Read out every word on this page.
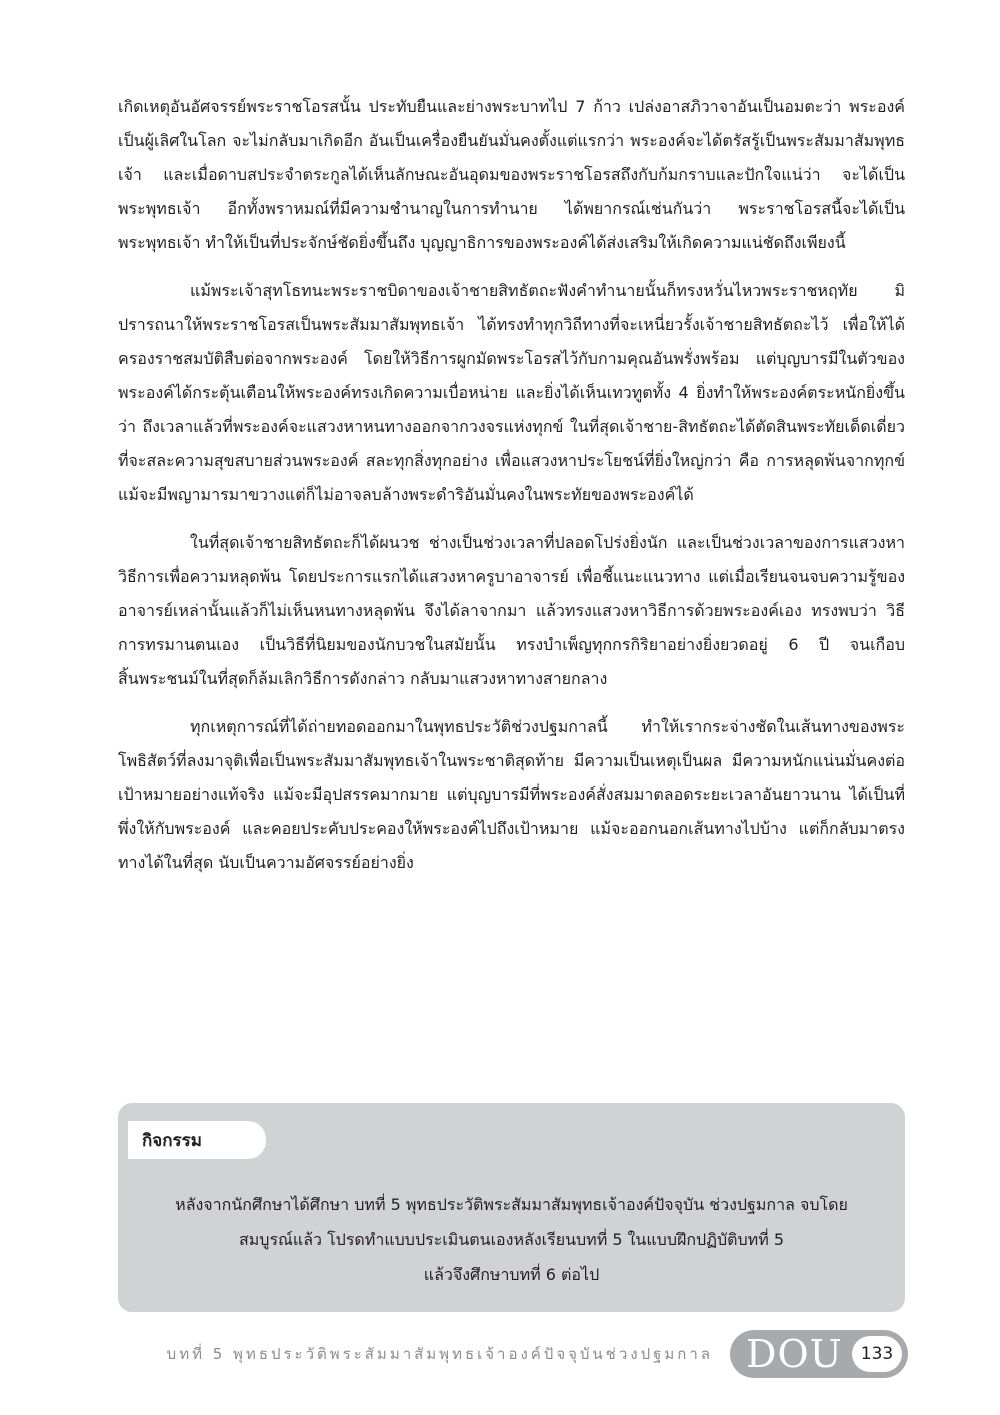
เกิดเหตุอันอัศจรรย์พระราชโอรสนั้น ประทับยืนและย่างพระบาทไป 7 ก้าว เปล่งอาสภิวาจาอันเป็นอมตะว่า พระองค์เป็นผู้เลิศในโลก จะไม่กลับมาเกิดอีก อันเป็นเครื่องยืนยันมั่นคงตั้งแต่แรกว่า พระองค์จะได้ตรัสรู้เป็นพระสัมมาสัมพุทธเจ้า และเมื่อดาบสประจำตระกูลได้เห็นลักษณะอันอุดมของพระราชโอรสถึงกับก้มกราบและปักใจแน่ว่า จะได้เป็นพระพุทธเจ้า อีกทั้งพราหมณ์ที่มีความชำนาญในการทำนาย ได้พยากรณ์เช่นกันว่า พระราชโอรสนี้จะได้เป็นพระพุทธเจ้า ทำให้เป็นที่ประจักษ์ชัดยิ่งขึ้นถึง บุญญาธิการของพระองค์ได้ส่งเสริมให้เกิดความแน่ชัดถึงเพียงนี้

แม้พระเจ้าสุทโธทนะพระราชบิดาของเจ้าชายสิทธัตถะฟังคำทำนายนั้นก็ทรงหวั่นไหวพระราชหฤทัย มิปรารถนาให้พระราชโอรสเป็นพระสัมมาสัมพุทธเจ้า ได้ทรงทำทุกวิถีทางที่จะเหนี่ยวรั้งเจ้าชายสิทธัตถะไว้ เพื่อให้ได้ครองราชสมบัติสืบต่อจากพระองค์ โดยให้วิธีการผูกมัดพระโอรสไว้กับกามคุณอันพรั่งพร้อม แต่บุญบารมีในตัวของพระองค์ได้กระตุ้นเตือนให้พระองค์ทรงเกิดความเบื่อหน่าย และยิ่งได้เห็นเทวทูตทั้ง 4 ยิ่งทำให้พระองค์ตระหนักยิ่งขึ้นว่า ถึงเวลาแล้วที่พระองค์จะแสวงหาหนทางออกจากวงจรแห่งทุกข์ ในที่สุดเจ้าชาย-สิทธัตถะได้ตัดสินพระทัยเด็ดเดี่ยว ที่จะสละความสุขสบายส่วนพระองค์ สละทุกสิ่งทุกอย่าง เพื่อแสวงหาประโยชน์ที่ยิ่งใหญ่กว่า คือ การหลุดพ้นจากทุกข์ แม้จะมีพญามารมาขวางแต่ก็ไม่อาจลบล้างพระดำริอันมั่นคงในพระทัยของพระองค์ได้

ในที่สุดเจ้าชายสิทธัตถะก็ได้ผนวช ช่างเป็นช่วงเวลาที่ปลอดโปร่งยิ่งนัก และเป็นช่วงเวลาของการแสวงหาวิธีการเพื่อความหลุดพ้น โดยประการแรกได้แสวงหาครูบาอาจารย์ เพื่อชี้แนะแนวทาง แต่เมื่อเรียนจนจบความรู้ของอาจารย์เหล่านั้นแล้วก็ไม่เห็นหนทางหลุดพ้น จึงได้ลาจากมา แล้วทรงแสวงหาวิธีการด้วยพระองค์เอง ทรงพบว่า วิธีการทรมานตนเอง เป็นวิธีที่นิยมของนักบวชในสมัยนั้น ทรงบำเพ็ญทุกกรกิริยาอย่างยิ่งยวดอยู่ 6 ปี จนเกือบสิ้นพระชนม์ในที่สุดก็ล้มเลิกวิธีการดังกล่าว กลับมาแสวงหาทางสายกลาง

ทุกเหตุการณ์ที่ได้ถ่ายทอดออกมาในพุทธประวัติช่วงปฐมกาลนี้ ทำให้เรากระจ่างชัดในเส้นทางของพระโพธิสัตว์ที่ลงมาจุติเพื่อเป็นพระสัมมาสัมพุทธเจ้าในพระชาติสุดท้าย มีความเป็นเหตุเป็นผล มีความหนักแน่นมั่นคงต่อเป้าหมายอย่างแท้จริง แม้จะมีอุปสรรคมากมาย แต่บุญบารมีที่พระองค์สั่งสมมาตลอดระยะเวลาอันยาวนาน ได้เป็นที่พึ่งให้กับพระองค์ และคอยประคับประคองให้พระองค์ไปถึงเป้าหมาย แม้จะออกนอกเส้นทางไปบ้าง แต่ก็กลับมาตรงทางได้ในที่สุด นับเป็นความอัศจรรย์อย่างยิ่ง

กิจกรรม
หลังจากนักศึกษาได้ศึกษา บทที่ 5 พุทธประวัติพระสัมมาสัมพุทธเจ้าองค์ปัจจุบัน ช่วงปฐมกาล จบโดย
สมบูรณ์แล้ว โปรดทำแบบประเมินตนเองหลังเรียนบทที่ 5 ในแบบฝึกปฏิบัติบทที่ 5
แล้วจึงศึกษาบทที่ 6 ต่อไป
บทที่ 5 พุทธประวัติพระสัมมาสัมพุทธเจ้าองค์ปัจจุบันช่วงปฐมกาล DOU	133
